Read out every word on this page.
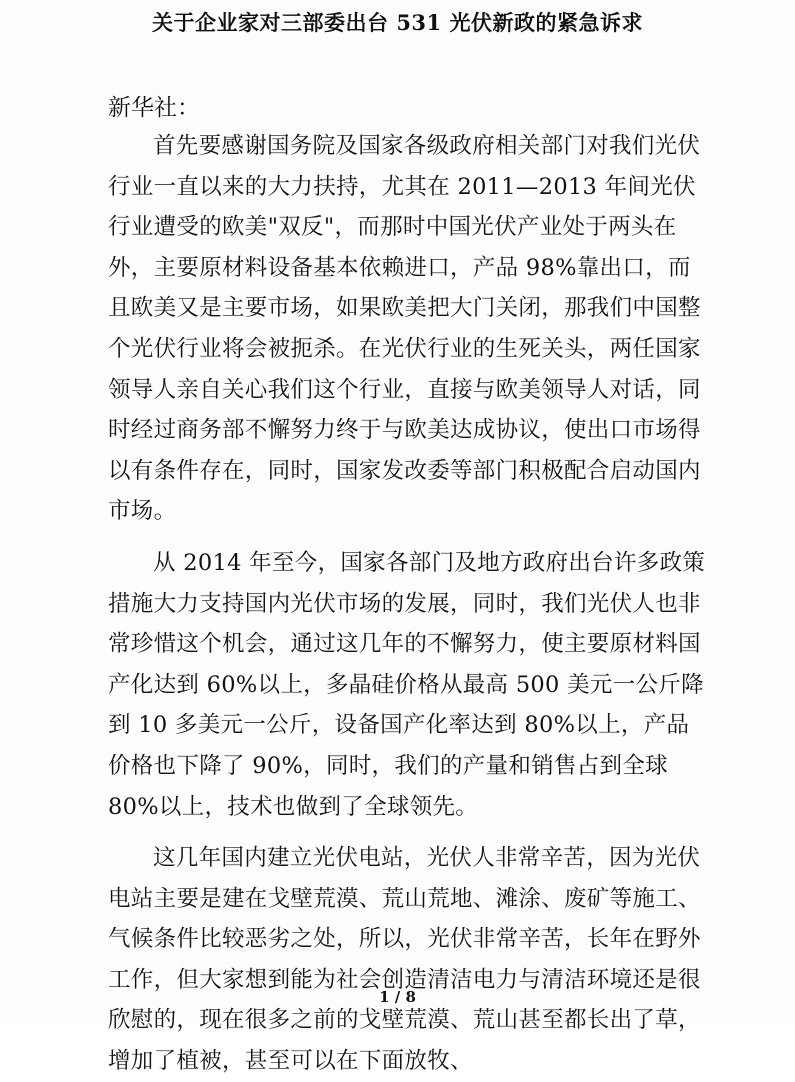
关于企业家对三部委出台 531 光伏新政的紧急诉求
新华社：

首先要感谢国务院及国家各级政府相关部门对我们光伏行业一直以来的大力扶持，尤其在 2011—2013 年间光伏行业遭受的欧美"双反"，而那时中国光伏产业处于两头在外，主要原材料设备基本依赖进口，产品 98%靠出口，而且欧美又是主要市场，如果欧美把大门关闭，那我们中国整个光伏行业将会被扼杀。在光伏行业的生死关头，两任国家领导人亲自关心我们这个行业，直接与欧美领导人对话，同时经过商务部不懈努力终于与欧美达成协议，使出口市场得以有条件存在，同时，国家发改委等部门积极配合启动国内市场。

从 2014 年至今，国家各部门及地方政府出台许多政策措施大力支持国内光伏市场的发展，同时，我们光伏人也非常珍惜这个机会，通过这几年的不懈努力，使主要原材料国产化达到 60%以上，多晶硅价格从最高 500 美元一公斤降到 10 多美元一公斤，设备国产化率达到 80%以上，产品价格也下降了 90%，同时，我们的产量和销售占到全球 80%以上，技术也做到了全球领先。

这几年国内建立光伏电站，光伏人非常辛苦，因为光伏电站主要是建在戈壁荒漠、荒山荒地、滩涂、废矿等施工、气候条件比较恶劣之处，所以，光伏非常辛苦，长年在野外工作，但大家想到能为社会创造清洁电力与清洁环境还是很欣慰的，现在很多之前的戈壁荒漠、荒山甚至都长出了草，增加了植被，甚至可以在下面放牧、

1 / 8
